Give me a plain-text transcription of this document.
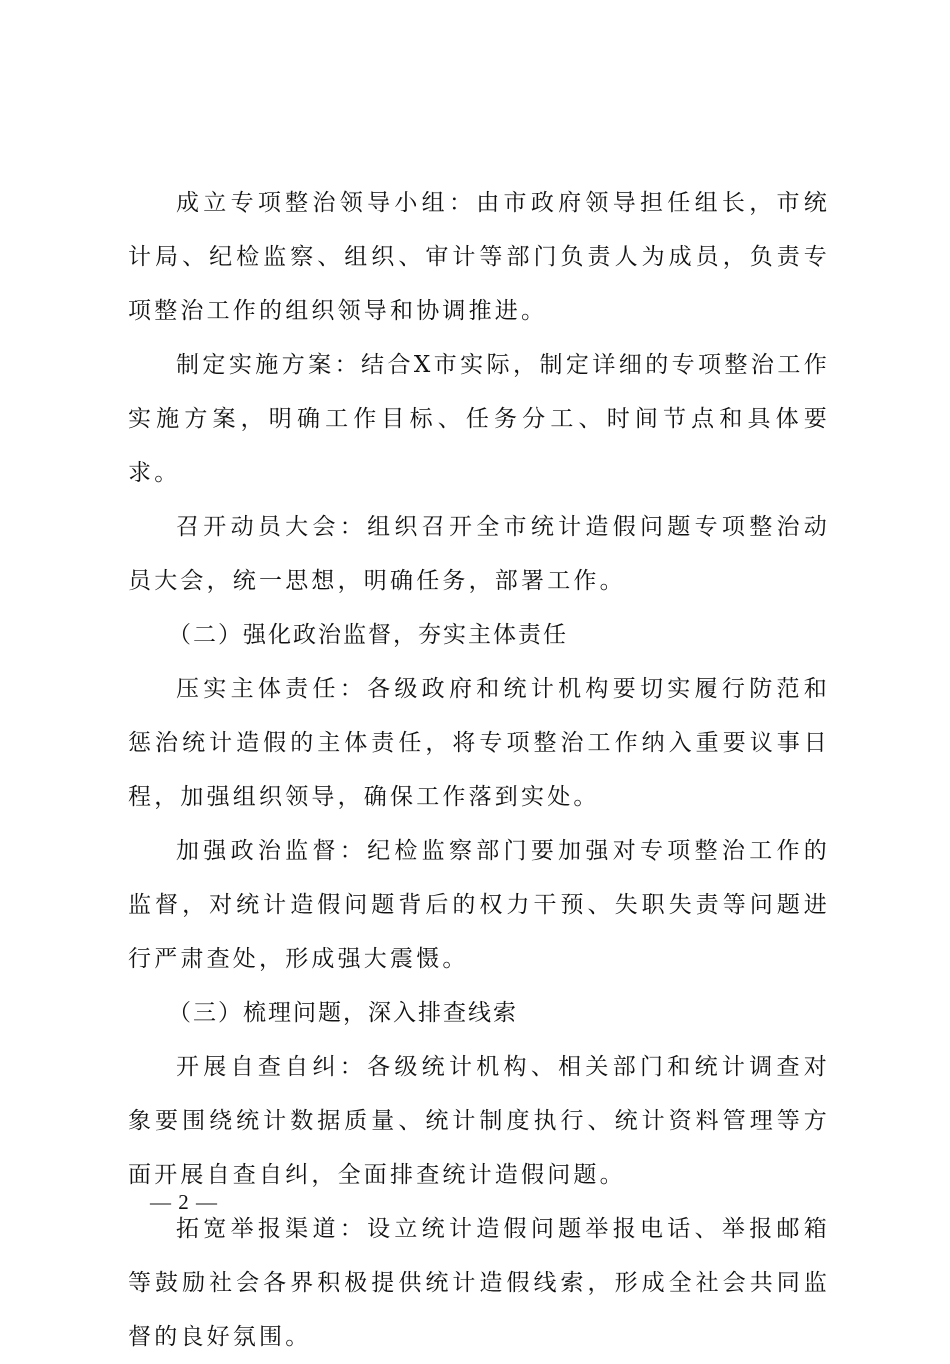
成立专项整治领导小组：由市政府领导担任组长，市统计局、纪检监察、组织、审计等部门负责人为成员，负责专项整治工作的组织领导和协调推进。

制定实施方案：结合X市实际，制定详细的专项整治工作实施方案，明确工作目标、任务分工、时间节点和具体要求。

召开动员大会：组织召开全市统计造假问题专项整治动员大会，统一思想，明确任务，部署工作。

（二）强化政治监督，夯实主体责任

压实主体责任：各级政府和统计机构要切实履行防范和惩治统计造假的主体责任，将专项整治工作纳入重要议事日程，加强组织领导，确保工作落到实处。

加强政治监督：纪检监察部门要加强对专项整治工作的监督，对统计造假问题背后的权力干预、失职失责等问题进行严肃查处，形成强大震慑。

（三）梳理问题，深入排查线索

开展自查自纠：各级统计机构、相关部门和统计调查对象要围绕统计数据质量、统计制度执行、统计资料管理等方面开展自查自纠，全面排查统计造假问题。

拓宽举报渠道：设立统计造假问题举报电话、举报邮箱等鼓励社会各界积极提供统计造假线索，形成全社会共同监督的良好氛围。

— 2 —
